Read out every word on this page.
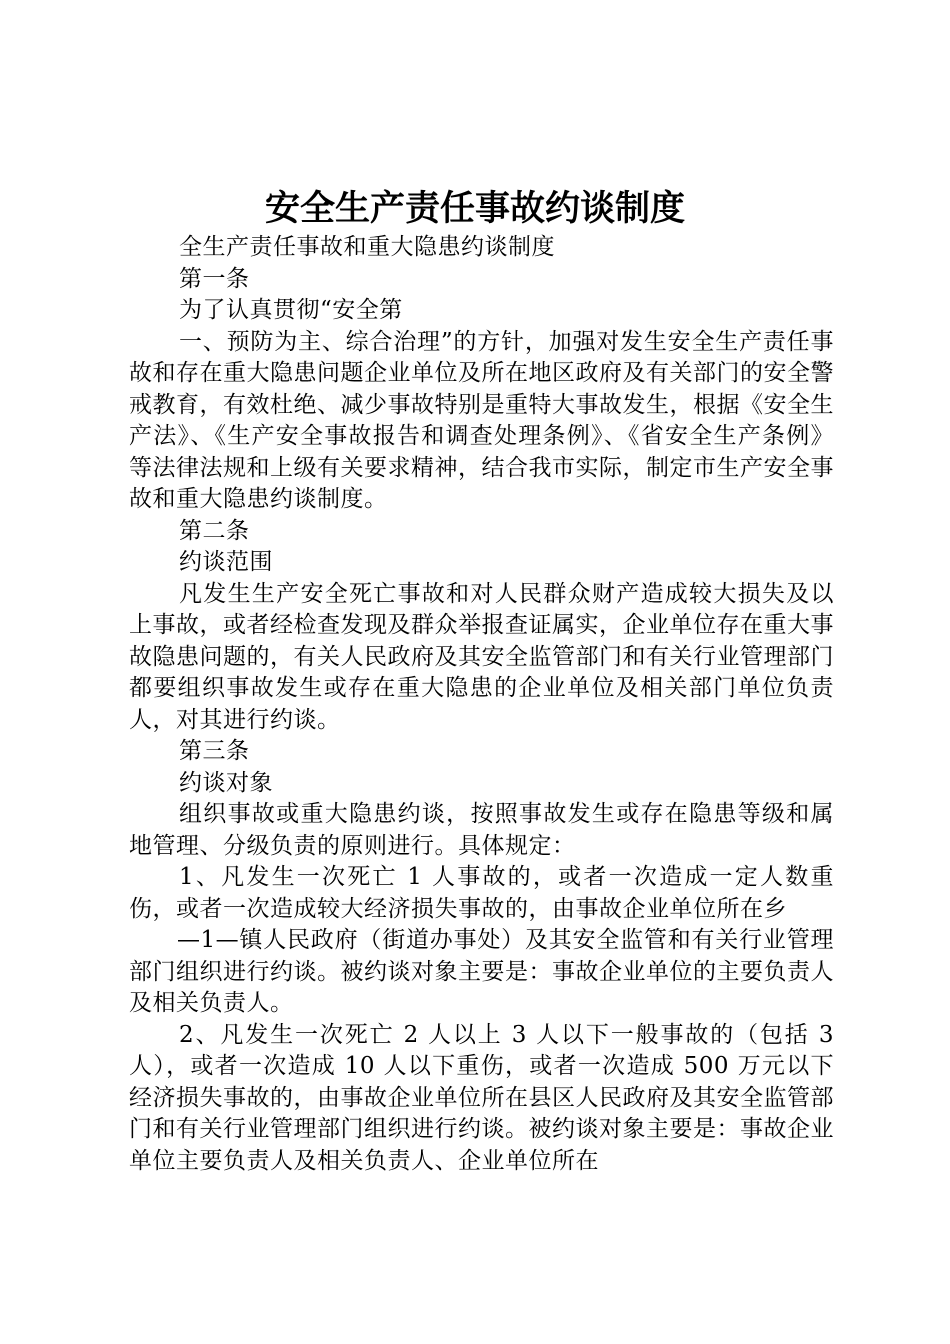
安全生产责任事故约谈制度

全生产责任事故和重大隐患约谈制度

第一条

为了认真贯彻“安全第

一、预防为主、综合治理”的方针，加强对发生安全生产责任事故和存在重大隐患问题企业单位及所在地区政府及有关部门的安全警戒教育，有效杜绝、减少事故特别是重特大事故发生，根据《安全生产法》、《生产安全事故报告和调查处理条例》、《省安全生产条例》等法律法规和上级有关要求精神，结合我市实际，制定市生产安全事故和重大隐患约谈制度。

第二条

约谈范围

凡发生生产安全死亡事故和对人民群众财产造成较大损失及以上事故，或者经检查发现及群众举报查证属实，企业单位存在重大事故隐患问题的，有关人民政府及其安全监管部门和有关行业管理部门都要组织事故发生或存在重大隐患的企业单位及相关部门单位负责人，对其进行约谈。

第三条

约谈对象

组织事故或重大隐患约谈，按照事故发生或存在隐患等级和属地管理、分级负责的原则进行。具体规定：

1、凡发生一次死亡 1 人事故的，或者一次造成一定人数重伤，或者一次造成较大经济损失事故的，由事故企业单位所在乡

—1—镇人民政府（街道办事处）及其安全监管和有关行业管理部门组织进行约谈。被约谈对象主要是：事故企业单位的主要负责人及相关负责人。

2、凡发生一次死亡 2 人以上 3 人以下一般事故的（包括 3 人），或者一次造成 10 人以下重伤，或者一次造成 500 万元以下经济损失事故的，由事故企业单位所在县区人民政府及其安全监管部门和有关行业管理部门组织进行约谈。被约谈对象主要是：事故企业单位主要负责人及相关负责人、企业单位所在
